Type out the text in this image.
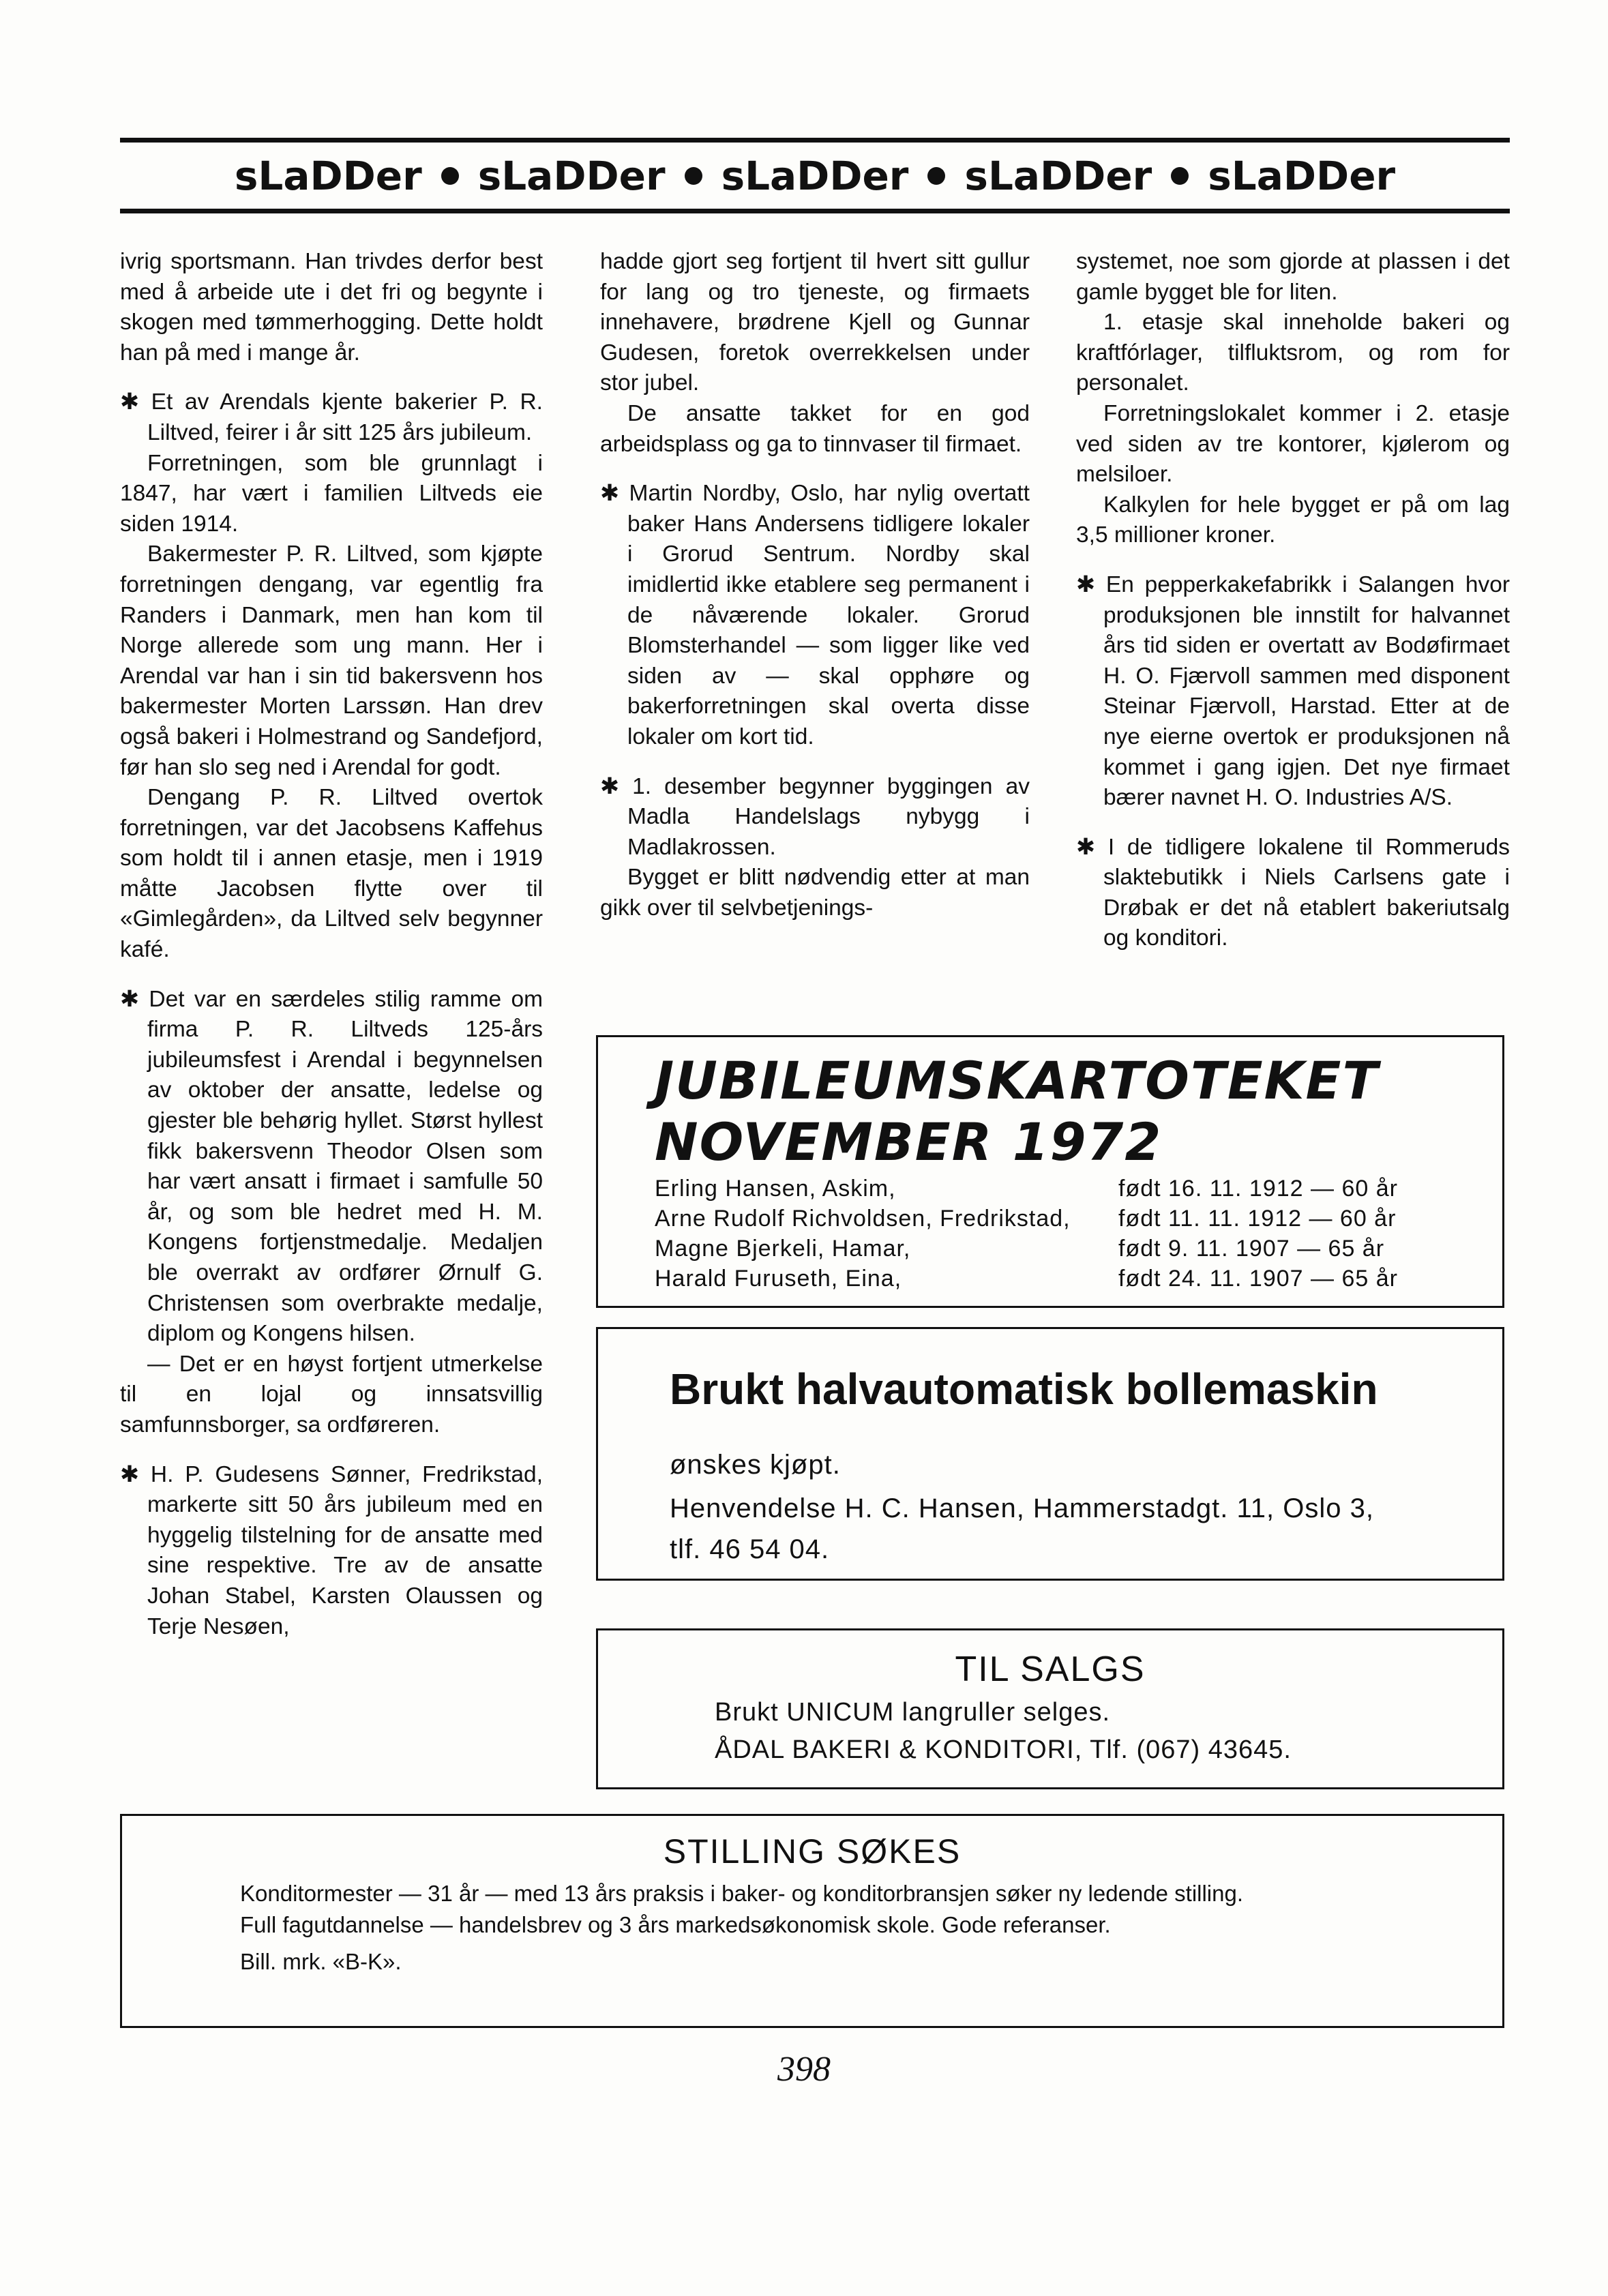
sLaDDer sLaDDer sLaDDer sLaDDer sLaDDer

ivrig sportsmann. Han trivdes derfor best med å arbeide ute i det fri og begynte i skogen med tømmerhogging. Dette holdt han på med i mange år.

✱ Et av Arendals kjente bakerier P. R. Liltved, feirer i år sitt 125 års jubileum.

Forretningen, som ble grunnlagt i 1847, har vært i familien Liltveds eie siden 1914.

Bakermester P. R. Liltved, som kjøpte forretningen dengang, var egentlig fra Randers i Danmark, men han kom til Norge allerede som ung mann. Her i Arendal var han i sin tid bakersvenn hos bakermester Morten Larssøn. Han drev også bakeri i Holmestrand og Sandefjord, før han slo seg ned i Arendal for godt.

Dengang P. R. Liltved overtok forretningen, var det Jacobsens Kaffehus som holdt til i annen etasje, men i 1919 måtte Jacobsen flytte over til «Gimlegården», da Liltved selv begynner kafé.

✱ Det var en særdeles stilig ramme om firma P. R. Liltveds 125-års jubileumsfest i Arendal i begynnelsen av oktober der ansatte, ledelse og gjester ble behørig hyllet. Størst hyllest fikk bakersvenn Theodor Olsen som har vært ansatt i firmaet i samfulle 50 år, og som ble hedret med H. M. Kongens fortjenstmedalje. Medaljen ble overrakt av ordfører Ørnulf G. Christensen som overbrakte medalje, diplom og Kongens hilsen.

— Det er en høyst fortjent utmerkelse til en lojal og innsatsvillig samfunnsborger, sa ordføreren.

✱ H. P. Gudesens Sønner, Fredrikstad, markerte sitt 50 års jubileum med en hyggelig tilstelning for de ansatte med sine respektive. Tre av de ansatte Johan Stabel, Karsten Olaussen og Terje Nesøen,

hadde gjort seg fortjent til hvert sitt gullur for lang og tro tjeneste, og firmaets innehavere, brødrene Kjell og Gunnar Gudesen, foretok overrekkelsen under stor jubel.

De ansatte takket for en god arbeidsplass og ga to tinnvaser til firmaet.

✱ Martin Nordby, Oslo, har nylig overtatt baker Hans Andersens tidligere lokaler i Grorud Sentrum. Nordby skal imidlertid ikke etablere seg permanent i de nåværende lokaler. Grorud Blomsterhandel — som ligger like ved siden av — skal opphøre og bakerforretningen skal overta disse lokaler om kort tid.

✱ 1. desember begynner byggingen av Madla Handelslags nybygg i Madlakrossen.

Bygget er blitt nødvendig etter at man gikk over til selvbetjenings-

systemet, noe som gjorde at plassen i det gamle bygget ble for liten.

1. etasje skal inneholde bakeri og kraftfórlager, tilfluktsrom, og rom for personalet.

Forretningslokalet kommer i 2. etasje ved siden av tre kontorer, kjølerom og melsiloer.

Kalkylen for hele bygget er på om lag 3,5 millioner kroner.

✱ En pepperkakefabrikk i Salangen hvor produksjonen ble innstilt for halvannet års tid siden er overtatt av Bodøfirmaet H. O. Fjærvoll sammen med disponent Steinar Fjærvoll, Harstad. Etter at de nye eierne overtok er produksjonen nå kommet i gang igjen. Det nye firmaet bærer navnet H. O. Industries A/S.

✱ I de tidligere lokalene til Rommeruds slaktebutikk i Niels Carlsens gate i Drøbak er det nå etablert bakeriutsalg og konditori.

JUBILEUMSKARTOTEKET
NOVEMBER 1972
Erling Hansen, Askim,	født 16. 11. 1912 — 60 år
Arne Rudolf Richvoldsen, Fredrikstad, født 11. 11. 1912 — 60 år
Magne Bjerkeli, Hamar,	født 9. 11. 1907 — 65 år
Harald Furuseth, Eina,	født 24. 11. 1907 — 65 år
Brukt halvautomatisk bollemaskin
ønskes kjøpt.
Henvendelse H. C. Hansen, Hammerstadgt. 11, Oslo 3,
tlf. 46 54 04.
TIL SALGS
Brukt UNICUM langruller selges.
ÅDAL BAKERI & KONDITORI, Tlf. (067) 43645.
STILLING SØKES

Konditormester — 31 år — med 13 års praksis i baker- og konditorbransjen søker ny ledende stilling.

Full fagutdannelse — handelsbrev og 3 års markedsøkonomisk skole. Gode referanser.

Bill. mrk. «B-K».

398
